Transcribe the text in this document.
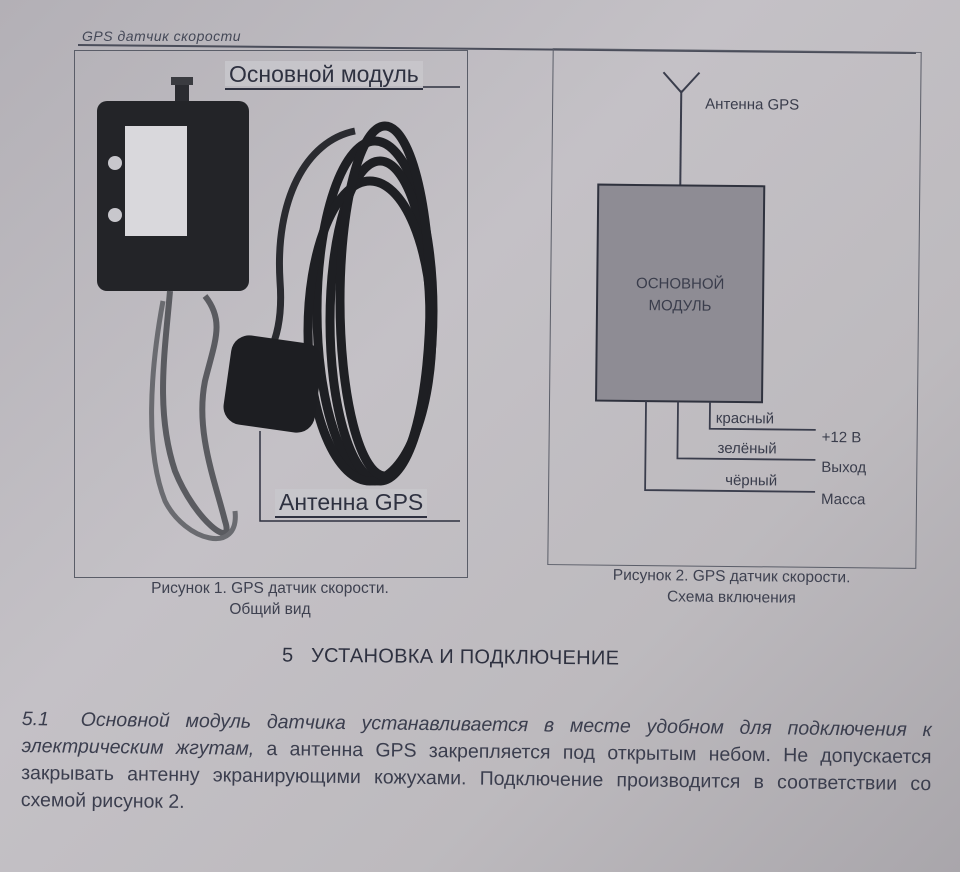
GPS датчик скорости
Основной модуль
Антенна GPS
Рисунок 1. GPS датчик скорости.
Общий вид
Антенна GPS
ОСНОВНОЙ
МОДУЛЬ
красный
+12 В
зелёный
Выход
чёрный
Масса
Рисунок 2. GPS датчик скорости.
Схема включения
5   УСТАНОВКА И ПОДКЛЮЧЕНИЕ
5.1 Основной модуль датчика устанавливается в месте удобном для подключения к электрическим жгутам, а антенна GPS закрепляется под открытым небом. Не допускается закрывать антенну экранирующими кожухами. Подключение производится в соответствии со схемой рисунок 2.
